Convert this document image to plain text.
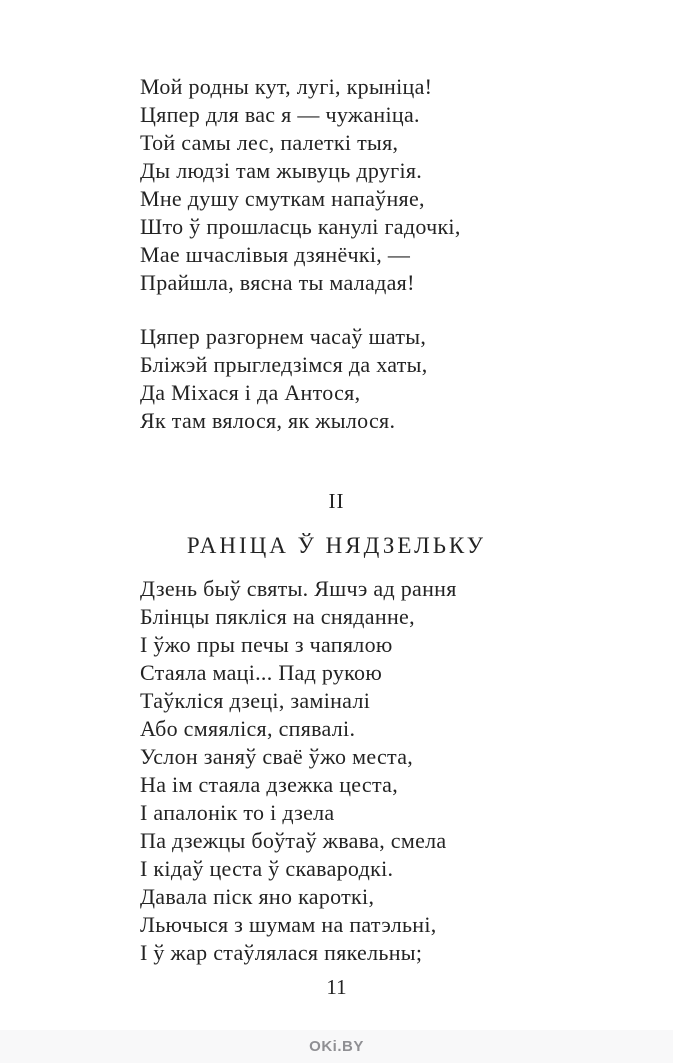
Мой родны кут, лугі, крыніца!
Цяпер для вас я — чужаніца.
Той самы лес, палеткі тыя,
Ды людзі там жывуць другія.
Мне душу смуткам напаўняе,
Што ў прошласць канулі гадочкі,
Мае шчаслівыя дзянёчкі, —
Прайшла, вясна ты маладая!
Цяпер разгорнем часаў шаты,
Бліжэй прыгледзімся да хаты,
Да Міхася і да Антося,
Як там вялося, як жылося.
II
РАНІЦА Ў НЯДЗЕЛЬКУ
Дзень быў святы. Яшчэ ад рання
Блінцы пякліся на сняданне,
І ўжо пры печы з чапялою
Стаяла маці... Пад рукою
Таўкліся дзеці, заміналі
Або смяяліся, спявалі.
Услон заняў сваё ўжо места,
На ім стаяла дзежка цеста,
І апалонік то і дзела
Па дзежцы боўтаў жвава, смела
І кідаў цеста ў скавародкі.
Давала піск яно кароткі,
Льючыся з шумам на патэльні,
І ў жар стаўлялася пякельны;
11
OKi.BY
